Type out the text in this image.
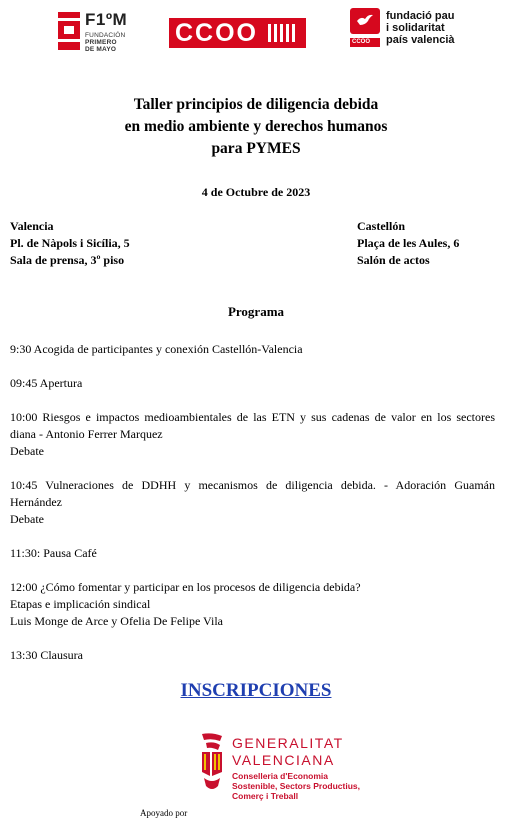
F1ºM
FUNDACIÓN
PRIMERO
DE MAYO
CCOO
fundació pau
i solidaritat
país valencià
CCOO
Taller principios de diligencia debida
en medio ambiente y derechos humanos
para PYMES
4 de Octubre de 2023
Valencia
Pl. de Nàpols i Sicília, 5
Sala de prensa, 3º piso
Castellón
Plaça de les Aules, 6
Salón de actos
Programa
9:30 Acogida de participantes y conexión Castellón-Valencia
09:45 Apertura
10:00 Riesgos e impactos medioambientales de las ETN y sus cadenas de valor en los sectores
diana - Antonio Ferrer Marquez
Debate
10:45 Vulneraciones de DDHH y mecanismos de diligencia debida. - Adoración Guamán
Hernández
Debate
11:30: Pausa Café
12:00 ¿Cómo fomentar y participar en los procesos de diligencia debida?
Etapas e implicación sindical
Luis Monge de Arce y Ofelia De Felipe Vila
13:30 Clausura
INSCRIPCIONES
GENERALITAT
VALENCIANA
Conselleria d'Economia
Sostenible, Sectors Productius,
Comerç i Treball
Apoyado por
